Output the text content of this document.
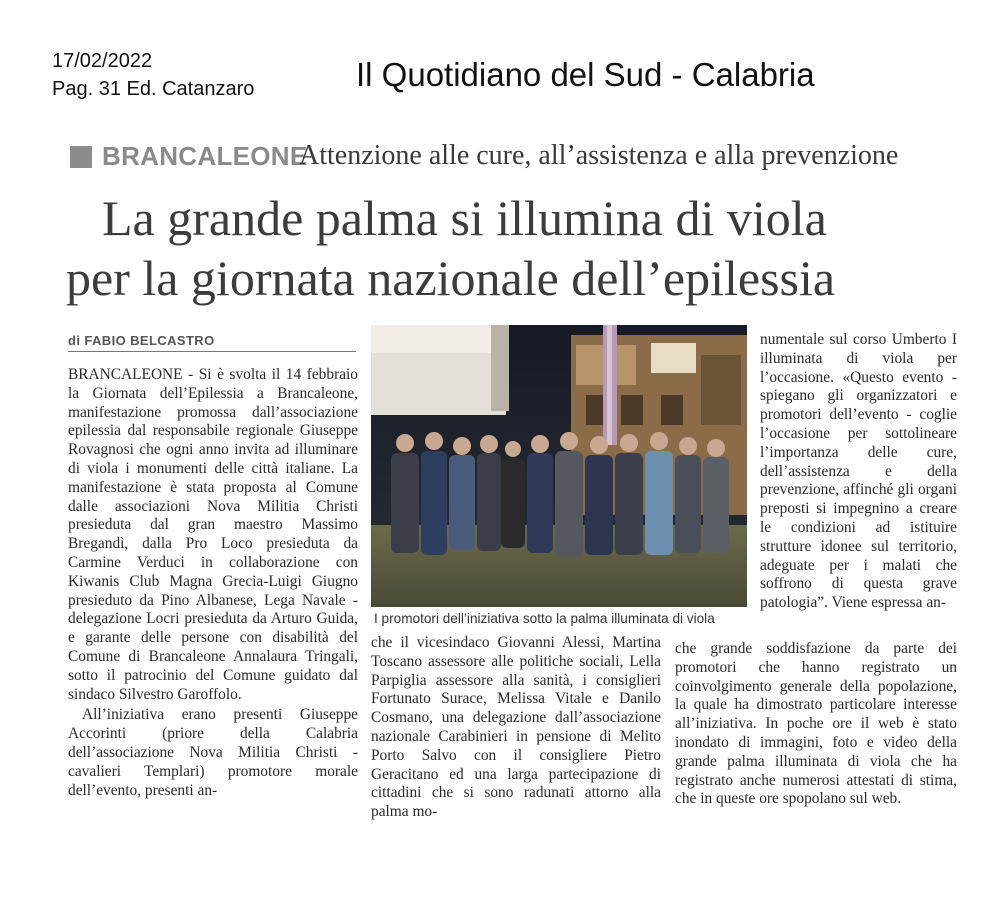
17/02/2022
Pag. 31 Ed. Catanzaro	Il Quotidiano del Sud - Calabria
BRANCALEONE
Attenzione alle cure, all’assistenza e alla prevenzione
La grande palma si illumina di viola
per la giornata nazionale dell’epilessia
di FABIO BELCASTRO

BRANCALEONE - Si è svolta il 14 febbraio la Giornata dell’Epilessia a Brancaleone, manifestazione promossa dall’associazione epilessia dal responsabile regionale Giuseppe Rovagnosi che ogni anno invita ad illuminare di viola i monumenti delle città italiane. La manifestazione è stata proposta al Comune dalle associazioni Nova Militia Christi presieduta dal gran maestro Massimo Bregandì, dalla Pro Loco presieduta da Carmine Verduci in collaborazione con Kiwanis Club Magna Grecia-Luigi Giugno presieduto da Pino Albanese, Lega Navale - delegazione Locri presieduta da Arturo Guida, e garante delle persone con disabilità del Comune di Brancaleone Annalaura Tringali, sotto il patrocinio del Comune guidato dal sindaco Silvestro Garoffolo.

All’iniziativa erano presenti Giuseppe Accorinti (priore della Calabria dell’associazione Nova Militia Christi - cavalieri Templari) promotore morale dell’evento, presenti an-

I promotori dell’iniziativa sotto la palma illuminata di viola

che il vicesindaco Giovanni Alessi, Martina Toscano assessore alle politiche sociali, Lella Parpiglia assessore alla sanità, i consiglieri Fortunato Surace, Melissa Vitale e Danilo Cosmano, una delegazione dall’associazione nazionale Carabinieri in pensione di Melito Porto Salvo con il consigliere Pietro Geracitano ed una larga partecipazione di cittadini che si sono radunati attorno alla palma mo-

numentale sul corso Umberto I illuminata di viola per l’occasione. «Questo evento - spiegano gli organizzatori e promotori dell’evento - coglie l’occasione per sottolineare l’importanza delle cure, dell’assistenza e della prevenzione, affinché gli organi preposti si impegnino a creare le condizioni ad istituire strutture idonee sul territorio, adeguate per i malati che soffrono di questa grave patologia”. Viene espressa an-

che grande soddisfazione da parte dei promotori che hanno registrato un coinvolgimento generale della popolazione, la quale ha dimostrato particolare interesse all’iniziativa. In poche ore il web è stato inondato di immagini, foto e video della grande palma illuminata di viola che ha registrato anche numerosi attestati di stima, che in queste ore spopolano sul web.
